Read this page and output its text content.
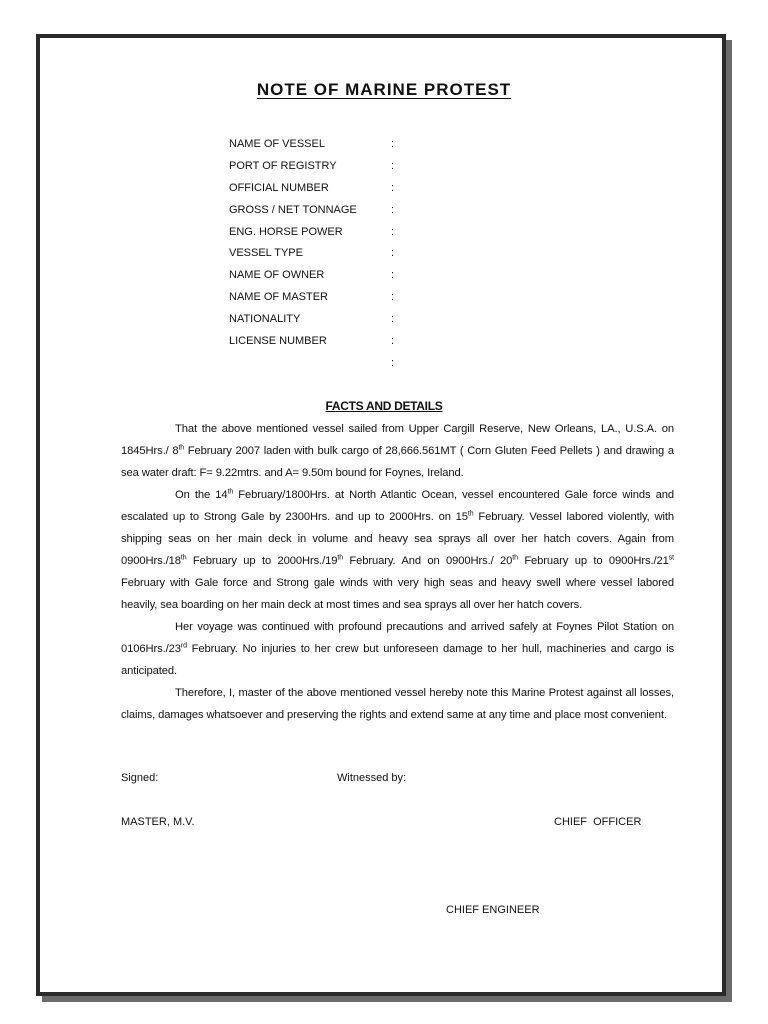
NOTE OF MARINE PROTEST
NAME OF VESSEL	:
PORT OF REGISTRY	:
OFFICIAL NUMBER	:
GROSS / NET TONNAGE	:
ENG. HORSE POWER	:
VESSEL TYPE	:
NAME OF OWNER	:
NAME OF MASTER	:
NATIONALITY	:
LICENSE NUMBER	:
:
FACTS AND DETAILS

That the above mentioned vessel sailed from Upper Cargill Reserve, New Orleans, LA., U.S.A. on 1845Hrs./ 8th February 2007 laden with bulk cargo of 28,666.561MT ( Corn Gluten Feed Pellets ) and drawing a sea water draft: F= 9.22mtrs. and A= 9.50m bound for Foynes, Ireland.

On the 14th February/1800Hrs. at North Atlantic Ocean, vessel encountered Gale force winds and escalated up to Strong Gale by 2300Hrs. and up to 2000Hrs. on 15th February. Vessel labored violently, with shipping seas on her main deck in volume and heavy sea sprays all over her hatch covers. Again from 0900Hrs./18th February up to 2000Hrs./19th February. And on 0900Hrs./ 20th February up to 0900Hrs./21st February with Gale force and Strong gale winds with very high seas and heavy swell where vessel labored heavily, sea boarding on her main deck at most times and sea sprays all over her hatch covers.

Her voyage was continued with profound precautions and arrived safely at Foynes Pilot Station on 0106Hrs./23rd February. No injuries to her crew but unforeseen damage to her hull, machineries and cargo is anticipated.

Therefore, I, master of the above mentioned vessel hereby note this Marine Protest against all losses, claims, damages whatsoever and preserving the rights and extend same at any time and place most convenient.

Signed:	Witnessed by:
MASTER, M.V.	CHIEF  OFFICER
CHIEF ENGINEER
